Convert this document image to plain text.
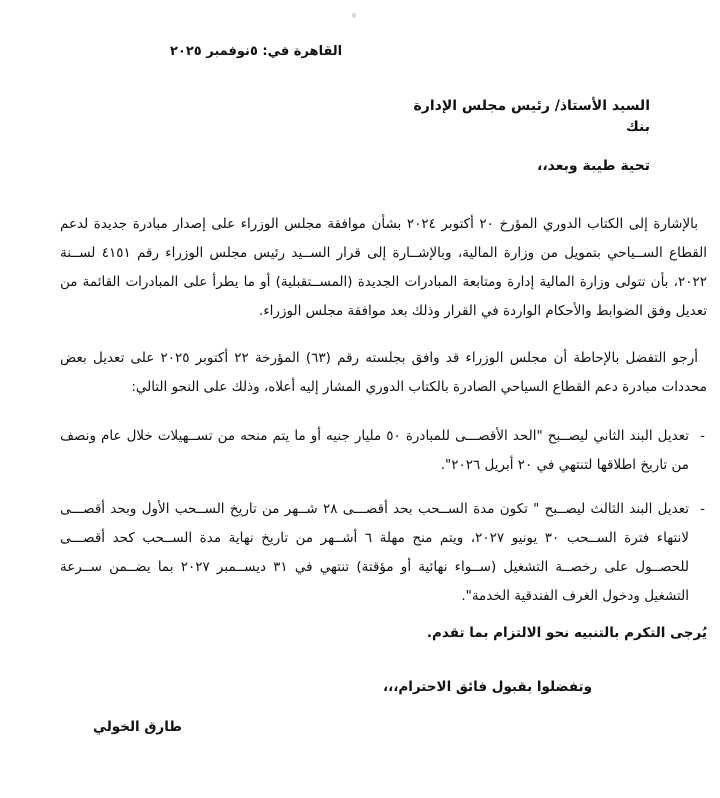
القاهرة في: ٥نوفمبر ٢٠٢٥
السيد الأستاذ/ رئيس مجلس الإدارة
بنك
تحية طيبة وبعد،،

بالإشارة إلى الكتاب الدوري المؤرخ ٢٠ أكتوبر ٢٠٢٤ بشأن موافقة مجلس الوزراء على إصدار مبادرة جديدة لدعم القطاع الســياحي بتمويل من وزارة المالية، وبالإشــارة إلى قرار الســيد رئيس مجلس الوزراء رقم ٤١٥١ لســنة ٢٠٢٢، بأن تتولى وزارة المالية إدارة ومتابعة المبادرات الجديدة (المســتقبلية) أو ما يطرأ على المبادرات القائمة من تعديل وفق الضوابط والأحكام الواردة في القرار وذلك بعد موافقة مجلس الوزراء.

أرجو التفضل بالإحاطة أن مجلس الوزراء قد وافق بجلسته رقم (٦٣) المؤرخة ٢٢ أكتوبر ٢٠٢٥ على تعديل بعض محددات مبادرة دعم القطاع السياحي الصادرة بالكتاب الدوري المشار إليه أعلاه، وذلك على النحو التالي:

-
تعديل البند الثاني ليصــبح "الحد الأقصـــى للمبادرة ٥٠ مليار جنيه أو ما يتم منحه من تســهيلات خلال عام ونصف من تاريخ اطلاقها لتنتهي في ٢٠ أبريل ٢٠٢٦".
-
تعديل البند الثالث ليصــبح " تكون مدة الســحب بحد أقصـــى ٢٨ شــهر من تاريخ الســحب الأول وبحد أقصـــى لانتهاء فترة الســحب ٣٠ يونيو ٢٠٢٧، ويتم منح مهلة ٦ أشــهر من تاريخ نهاية مدة الســحب كحد أقصـــى للحصــول على رخصــة التشغيل (ســواء نهائية أو مؤقتة) تنتهي في ٣١ ديســمبر ٢٠٢٧ بما يضــمن ســرعة التشغيل ودخول الغرف الفندقية الخدمة".
يُرجى التكرم بالتنبيه نحو الالتزام بما تقدم.
وتفضلوا بقبول فائق الاحترام،،،
طارق الخولي
